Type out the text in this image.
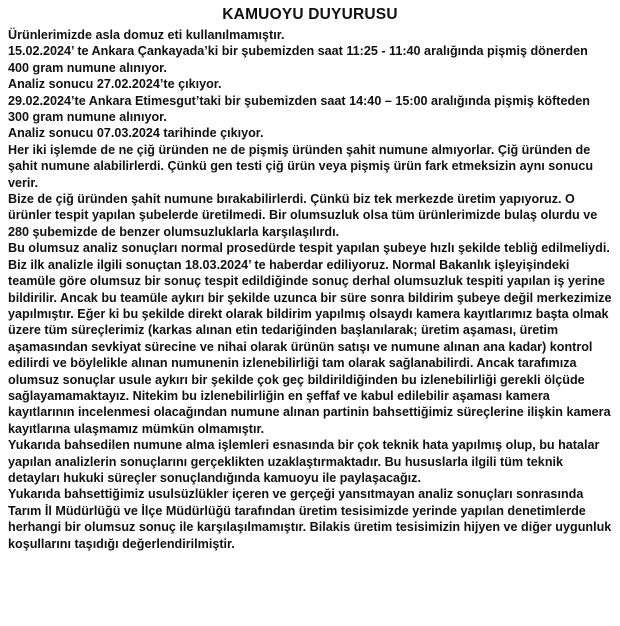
KAMUOYU DUYURUSU

Ürünlerimizde asla domuz eti kullanılmamıştır.

15.02.2024’ te Ankara Çankayada’ki bir şubemizden saat 11:25 - 11:40 aralığında pişmiş dönerden 400 gram numune alınıyor.

Analiz sonucu 27.02.2024’te çıkıyor.

29.02.2024’te Ankara Etimesgut’taki bir şubemizden saat 14:40 – 15:00 aralığında pişmiş köfteden 300 gram numune alınıyor.

Analiz sonucu 07.03.2024 tarihinde çıkıyor.

Her iki işlemde de ne çiğ üründen ne de pişmiş üründen şahit numune almıyorlar. Çiğ üründen de şahit numune alabilirlerdi. Çünkü gen testi çiğ ürün veya pişmiş ürün fark etmeksizin aynı sonucu verir.

Bize de çiğ üründen şahit numune bırakabilirlerdi. Çünkü biz tek merkezde üretim yapıyoruz. O ürünler tespit yapılan şubelerde üretilmedi. Bir olumsuzluk olsa tüm ürünlerimizde bulaş olurdu ve 280 şubemizde de benzer olumsuzluklarla karşılaşılırdı.

Bu olumsuz analiz sonuçları normal prosedürde tespit yapılan şubeye hızlı şekilde tebliğ edilmeliydi. Biz ilk analizle ilgili sonuçtan 18.03.2024’ te haberdar ediliyoruz. Normal Bakanlık işleyişindeki teamüle göre olumsuz bir sonuç tespit edildiğinde sonuç derhal olumsuzluk tespiti yapılan iş yerine bildirilir. Ancak bu teamüle aykırı bir şekilde uzunca bir süre sonra bildirim şubeye değil merkezimize yapılmıştır. Eğer ki bu şekilde direkt olarak bildirim yapılmış olsaydı kamera kayıtlarımız başta olmak üzere tüm süreçlerimiz (karkas alınan etin tedariğinden başlanılarak; üretim aşaması, üretim aşamasından sevkiyat sürecine ve nihai olarak ürünün satışı ve numune alınan ana kadar) kontrol edilirdi ve böylelikle alınan numunenin izlenebilirliği tam olarak sağlanabilirdi. Ancak tarafımıza olumsuz sonuçlar usule aykırı bir şekilde çok geç bildirildiğinden bu izlenebilirliği gerekli ölçüde sağlayamamaktayız. Nitekim bu izlenebilirliğin en şeffaf ve kabul edilebilir aşaması kamera kayıtlarının incelenmesi olacağından numune alınan partinin bahsettiğimiz süreçlerine ilişkin kamera kayıtlarına ulaşmamız mümkün olmamıştır.

Yukarıda bahsedilen numune alma işlemleri esnasında bir çok teknik hata yapılmış olup, bu hatalar yapılan analizlerin sonuçlarını gerçeklikten uzaklaştırmaktadır. Bu hususlarla ilgili tüm teknik detayları hukuki süreçler sonuçlandığında kamuoyu ile paylaşacağız.

Yukarıda bahsettiğimiz usulsüzlükler içeren ve gerçeği yansıtmayan analiz sonuçları sonrasında Tarım İl Müdürlüğü ve İlçe Müdürlüğü tarafından üretim tesisimizde yerinde yapılan denetimlerde herhangi bir olumsuz sonuç ile karşılaşılmamıştır. Bilakis üretim tesisimizin hijyen ve diğer uygunluk koşullarını taşıdığı değerlendirilmiştir.
